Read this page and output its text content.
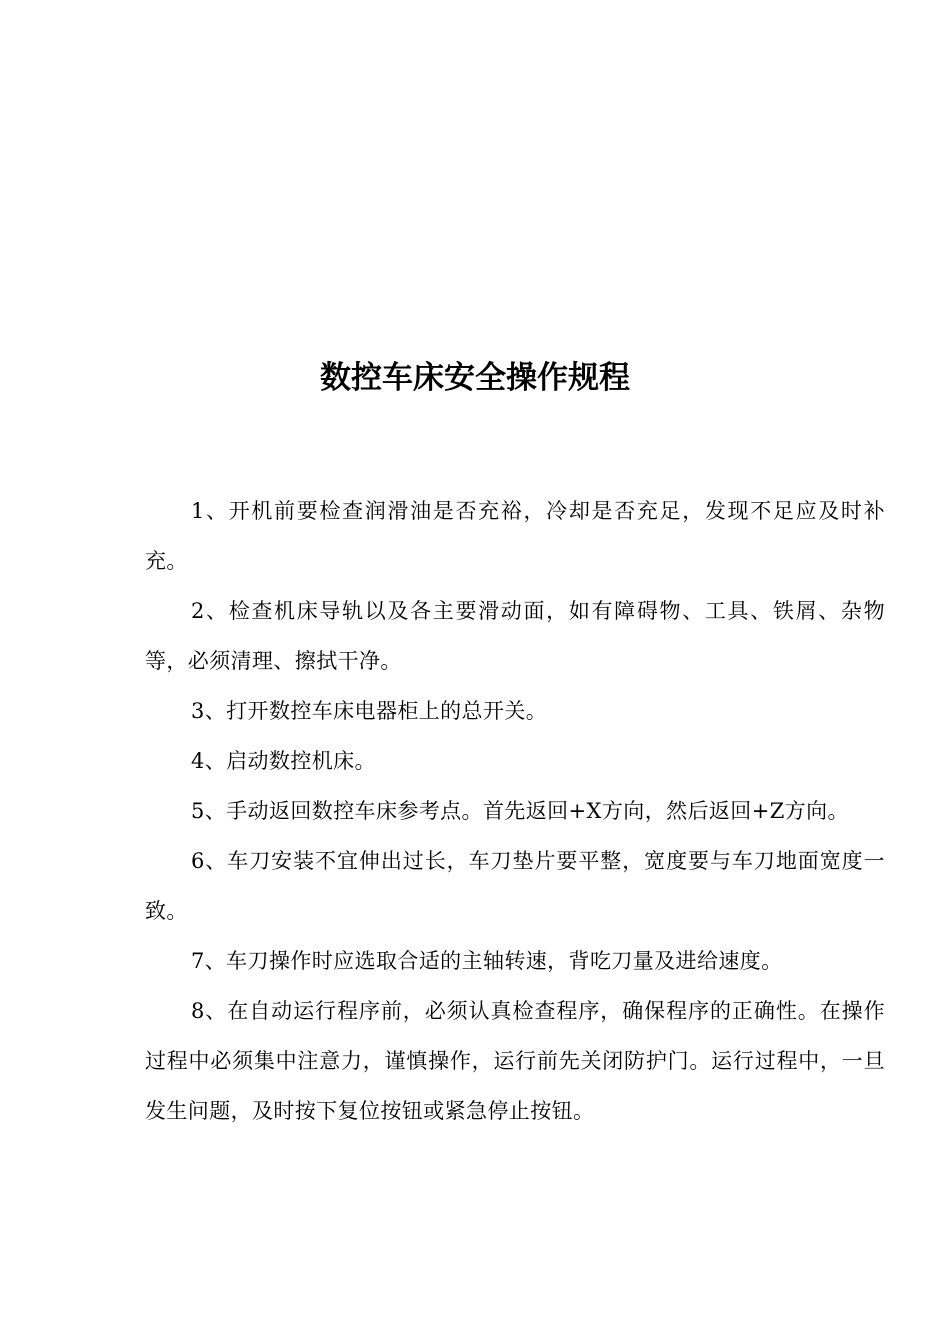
数控车床安全操作规程

1、开机前要检查润滑油是否充裕，冷却是否充足，发现不足应及时补充。

2、检查机床导轨以及各主要滑动面，如有障碍物、工具、铁屑、杂物等，必须清理、擦拭干净。

3、打开数控车床电器柜上的总开关。

4、启动数控机床。

5、手动返回数控车床参考点。首先返回+X方向，然后返回+Z方向。

6、车刀安装不宜伸出过长，车刀垫片要平整，宽度要与车刀地面宽度一致。

7、车刀操作时应选取合适的主轴转速，背吃刀量及进给速度。

8、在自动运行程序前，必须认真检查程序，确保程序的正确性。在操作过程中必须集中注意力，谨慎操作，运行前先关闭防护门。运行过程中，一旦发生问题，及时按下复位按钮或紧急停止按钮。
